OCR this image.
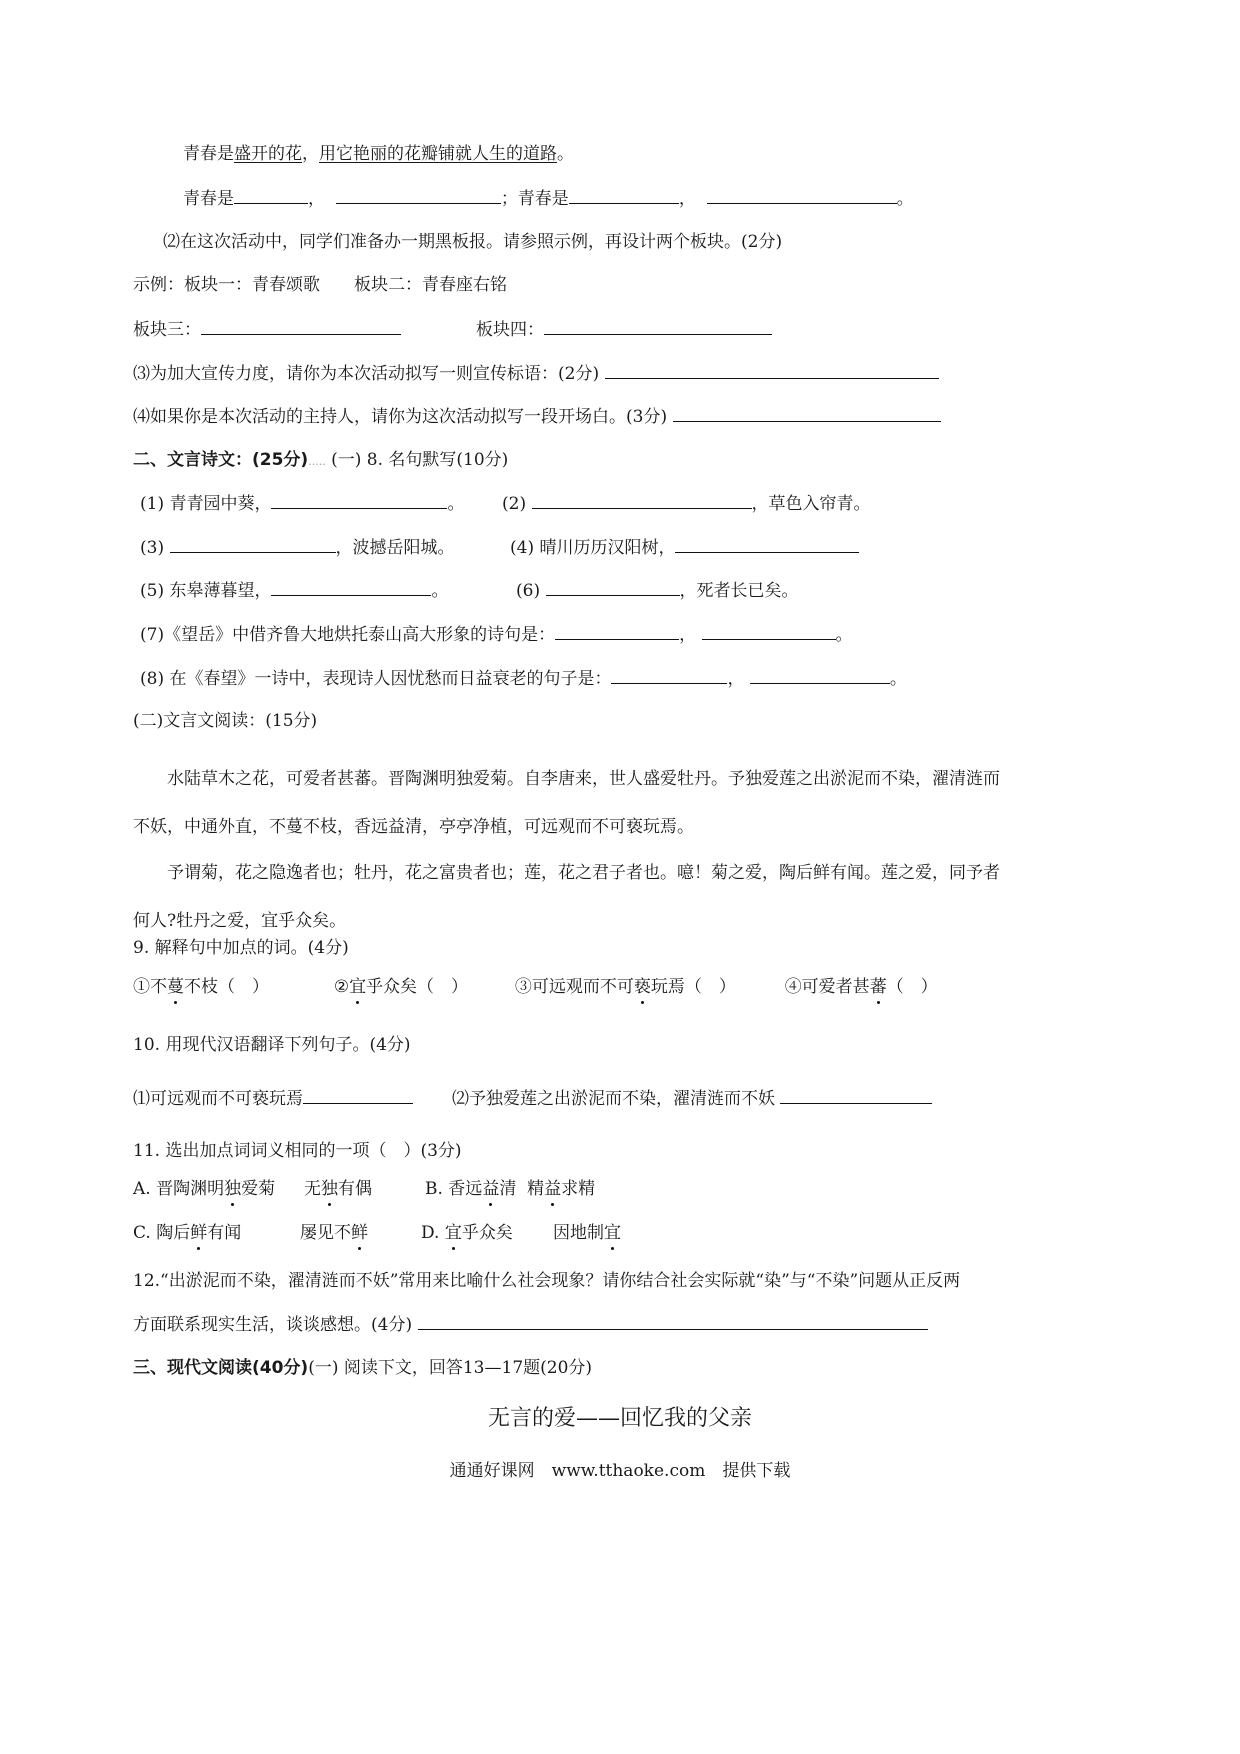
青春是盛开的花，用它艳丽的花瓣铺就人生的道路。
青春是	，	；青春是	，	。
⑵在这次活动中，同学们准备办一期黑板报。请参照示例，再设计两个板块。(2分)
示例：板块一：青春颂歌　　板块二：青春座右铭
板块三：	板块四：
⑶为加大宣传力度，请你为本次活动拟写一则宣传标语：(2分)
⑷如果你是本次活动的主持人，请你为这次活动拟写一段开场白。(3分)
二、文言诗文：(25分)..... (一) 8. 名句默写(10分)
(1) 青青园中葵，	。 (2)	，草色入帘青。
(3)	，波撼岳阳城。	(4) 晴川历历汉阳树，
(5) 东皋薄暮望，	。	(6)	，死者长已矣。
(7)《望岳》中借齐鲁大地烘托泰山高大形象的诗句是：	，	。
(8) 在《春望》一诗中，表现诗人因忧愁而日益衰老的句子是：	，	。
(二)文言文阅读：(15分)
水陆草木之花，可爱者甚蕃。晋陶渊明独爱菊。自李唐来，世人盛爱牡丹。予独爱莲之出淤泥而不染，濯清涟而不妖，中通外直，不蔓不枝，香远益清，亭亭净植，可远观而不可亵玩焉。
予谓菊，花之隐逸者也；牡丹，花之富贵者也；莲，花之君子者也。噫！菊之爱，陶后鲜有闻。莲之爱，同予者何人?牡丹之爱，宜乎众矣。
9. 解释句中加点的词。(4分)
①不蔓不枝（　）	②宜乎众矣（　）	③可远观而不可亵玩焉（　）	④可爱者甚蕃（　）
10. 用现代汉语翻译下列句子。(4分)
⑴可远观而不可亵玩焉	⑵予独爱莲之出淤泥而不染，濯清涟而不妖
11. 选出加点词词义相同的一项（　）(3分)
A. 晋陶渊明独爱菊 无独有偶	B. 香远益清 精益求精
C. 陶后鲜有闻	屡见不鲜	D. 宜乎众矣 因地制宜
12.“出淤泥而不染，濯清涟而不妖”常用来比喻什么社会现象？请你结合社会实际就“染”与“不染”问题从正反两
方面联系现实生活，谈谈感想。(4分)
三、现代文阅读(40分)(一) 阅读下文，回答13—17题(20分)
无言的爱——回忆我的父亲
通通好课网　www.tthaoke.com　提供下载
